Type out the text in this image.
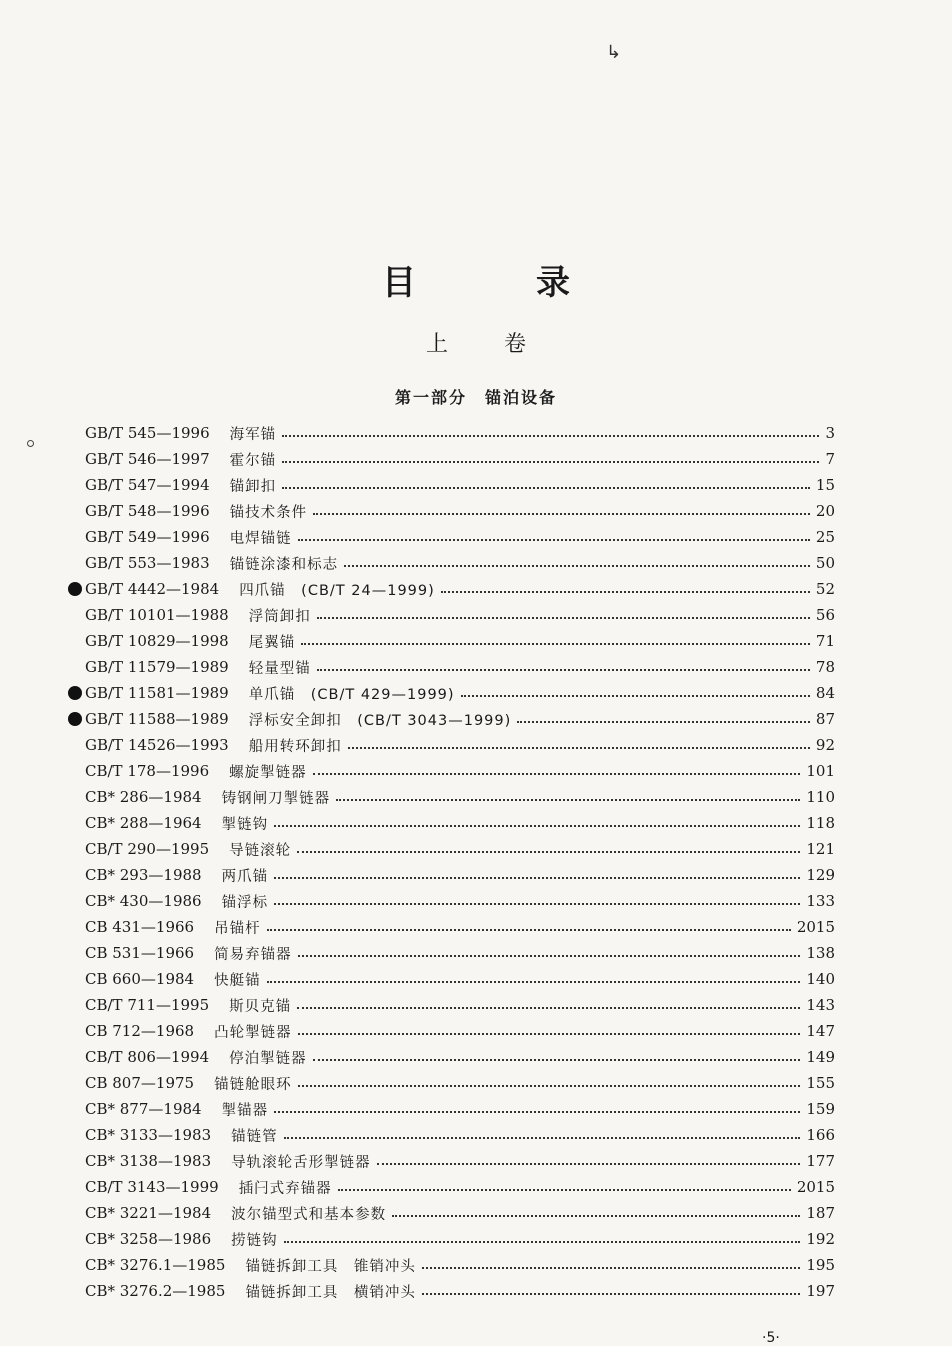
↳
目	录
上	卷
第一部分　锚泊设备
GB/T 545—1996 海军锚	3
GB/T 546—1997 霍尔锚	7
GB/T 547—1994 锚卸扣	15
GB/T 548—1996 锚技术条件	20
GB/T 549—1996 电焊锚链	25
GB/T 553—1983 锚链涂漆和标志	50
GB/T 4442—1984 四爪锚　(CB/T 24—1999)	52
GB/T 10101—1988 浮筒卸扣	56
GB/T 10829—1998 尾翼锚	71
GB/T 11579—1989 轻量型锚	78
GB/T 11581—1989 单爪锚　(CB/T 429—1999)	84
GB/T 11588—1989 浮标安全卸扣　(CB/T 3043—1999)	87
GB/T 14526—1993 船用转环卸扣	92
CB/T 178—1996 螺旋掣链器	101
CB* 286—1984 铸钢闸刀掣链器	110
CB* 288—1964 掣链钩	118
CB/T 290—1995 导链滚轮	121
CB* 293—1988 两爪锚	129
CB* 430—1986 锚浮标	133
CB 431—1966 吊锚杆	2015
CB 531—1966 简易弃锚器	138
CB 660—1984 快艇锚	140
CB/T 711—1995 斯贝克锚	143
CB 712—1968 凸轮掣链器	147
CB/T 806—1994 停泊掣链器	149
CB 807—1975 锚链舱眼环	155
CB* 877—1984 掣锚器	159
CB* 3133—1983 锚链管	166
CB* 3138—1983 导轨滚轮舌形掣链器	177
CB/T 3143—1999 插闩式弃锚器	2015
CB* 3221—1984 波尔锚型式和基本参数	187
CB* 3258—1986 捞链钩	192
CB* 3276.1—1985 锚链拆卸工具　锥销冲头	195
CB* 3276.2—1985 锚链拆卸工具　横销冲头	197
·5·
